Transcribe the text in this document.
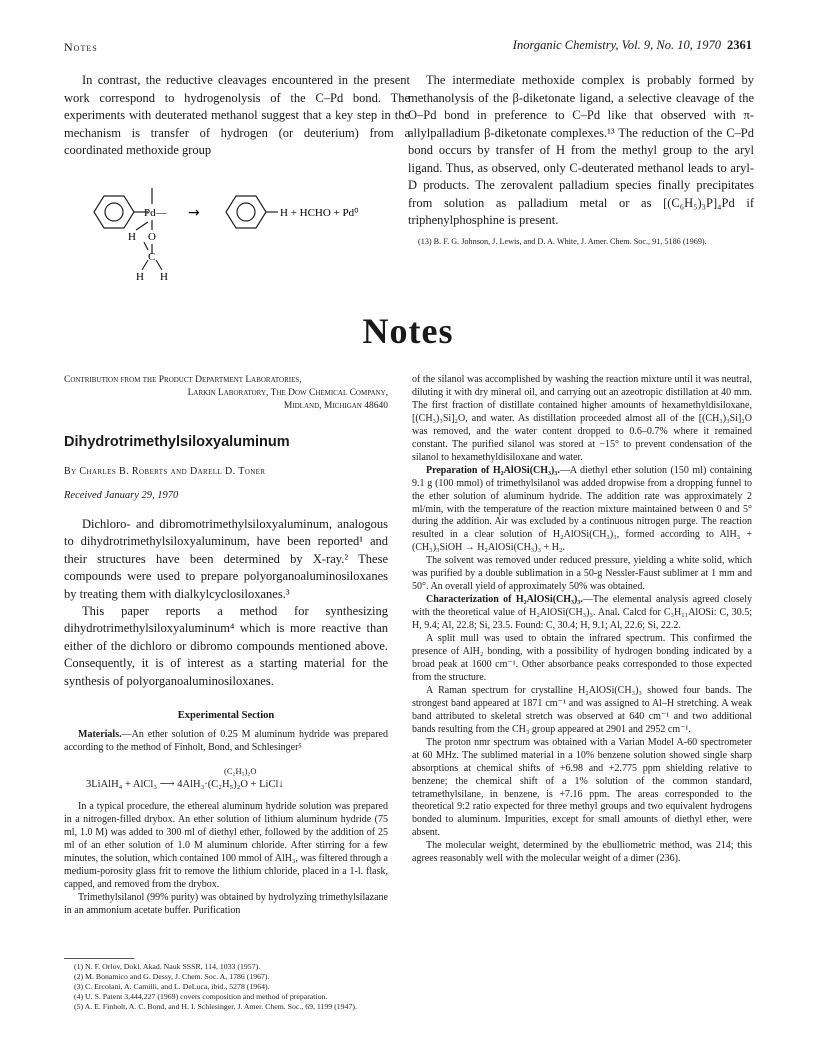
Notes	Inorganic Chemistry, Vol. 9, No. 10, 1970 2361

In contrast, the reductive cleavages encountered in the present work correspond to hydrogenolysis of the C–Pd bond. The experiments with deuterated methanol suggest that a key step in the mechanism is transfer of hydrogen (or deuterium) from a coordinated methoxide group

Pd—
H O
C
H H
→	H + HCHO + Pd⁰

The intermediate methoxide complex is probably formed by methanolysis of the β-diketonate ligand, a selective cleavage of the O–Pd bond in preference to C–Pd like that observed with π-allylpalladium β-diketonate complexes.¹³ The reduction of the C–Pd bond occurs by transfer of H from the methyl group to the aryl ligand. Thus, as observed, only C-deuterated methanol leads to aryl-D products. The zerovalent palladium species finally precipitates from solution as palladium metal or as [(C₆H₅)₃P]₄Pd if triphenylphosphine is present.

(13) B. F. G. Johnson, J. Lewis, and D. A. White, J. Amer. Chem. Soc., 91, 5186 (1969).
Notes
Contribution from the Product Department Laboratories,
Larkin Laboratory, The Dow Chemical Company,
Midland, Michigan 48640
Dihydrotrimethylsiloxyaluminum
By Charles B. Roberts and Darell D. Toner
Received January 29, 1970

Dichloro- and dibromotrimethylsiloxyaluminum, analogous to dihydrotrimethylsiloxyaluminum, have been reported¹ and their structures have been determined by X-ray.² These compounds were used to prepare polyorganoaluminosiloxanes by treating them with dialkylcyclosiloxanes.³

This paper reports a method for synthesizing dihydrotrimethylsiloxyaluminum⁴ which is more reactive than either of the dichloro or dibromo compounds mentioned above. Consequently, it is of interest as a starting material for the synthesis of polyorganoaluminosiloxanes.

Experimental Section

Materials.—An ether solution of 0.25 M aluminum hydride was prepared according to the method of Finholt, Bond, and Schlesinger⁵

(C₂H₅)₂O
3LiAlH₄ + AlCl₃ ⟶ 4AlH₃·(C₂H₅)₂O + LiCl↓

In a typical procedure, the ethereal aluminum hydride solution was prepared in a nitrogen-filled drybox. An ether solution of lithium aluminum hydride (75 ml, 1.0 M) was added to 300 ml of diethyl ether, followed by the addition of 25 ml of an ether solution of 1.0 M aluminum chloride. After stirring for a few minutes, the solution, which contained 100 mmol of AlH₃, was filtered through a medium-porosity glass frit to remove the lithium chloride, placed in a 1-l. flask, capped, and removed from the drybox.

Trimethylsilanol (99% purity) was obtained by hydrolyzing trimethylsilazane in an ammonium acetate buffer. Purification

(1) N. F. Orlov, Dokl. Akad. Nauk SSSR, 114, 1033 (1957).
(2) M. Bonamico and G. Dessy, J. Chem. Soc. A, 1786 (1967).
(3) C. Ercolani, A. Camilli, and L. DeLuca, ibid., 5278 (1964).
(4) U. S. Patent 3,444,227 (1969) covers composition and method of preparation.
(5) A. E. Finholt, A. C. Bond, and H. I. Schlesinger, J. Amer. Chem. Soc., 69, 1199 (1947).

of the silanol was accomplished by washing the reaction mixture until it was neutral, diluting it with dry mineral oil, and carrying out an azeotropic distillation at 40 mm. The first fraction of distillate contained higher amounts of hexamethyldisiloxane, [(CH₃)₃Si]₂O, and water. As distillation proceeded almost all of the [(CH₃)₃Si]₂O was removed, and the water content dropped to 0.6–0.7% where it remained constant. The purified silanol was stored at −15° to prevent condensation of the silanol to hexamethyldisiloxane and water.

Preparation of H₂AlOSi(CH₃)₃.—A diethyl ether solution (150 ml) containing 9.1 g (100 mmol) of trimethylsilanol was added dropwise from a dropping funnel to the ether solution of aluminum hydride. The addition rate was approximately 2 ml/min, with the temperature of the reaction mixture maintained between 0 and 5° during the addition. Air was excluded by a continuous nitrogen purge. The reaction resulted in a clear solution of H₂AlOSi(CH₃)₃, formed according to AlH₃ + (CH₃)₃SiOH → H₂AlOSi(CH₃)₃ + H₂.

The solvent was removed under reduced pressure, yielding a white solid, which was purified by a double sublimation in a 50-g Nessler-Faust sublimer at 1 mm and 50°. An overall yield of approximately 50% was obtained.

Characterization of H₂AlOSi(CH₃)₃.—The elemental analysis agreed closely with the theoretical value of H₂AlOSi(CH₃)₃. Anal. Calcd for C₃H₁₁AlOSi: C, 30.5; H, 9.4; Al, 22.8; Si, 23.5. Found: C, 30.4; H, 9.1; Al, 22.6; Si, 22.2.

A split mull was used to obtain the infrared spectrum. This confirmed the presence of AlH₂ bonding, with a possibility of hydrogen bonding indicated by a broad peak at 1600 cm⁻¹. Other absorbance peaks corresponded to those expected from the structure.

A Raman spectrum for crystalline H₂AlOSi(CH₃)₃ showed four bands. The strongest band appeared at 1871 cm⁻¹ and was assigned to Al–H stretching. A weak band attributed to skeletal stretch was observed at 640 cm⁻¹ and two additional bands resulting from the CH₃ group appeared at 2901 and 2952 cm⁻¹.

The proton nmr spectrum was obtained with a Varian Model A-60 spectrometer at 60 MHz. The sublimed material in a 10% benzene solution showed single sharp absorptions at chemical shifts of +6.98 and +2.775 ppm shielding relative to benzene; the chemical shift of a 1% solution of the common standard, tetramethylsilane, in benzene, is +7.16 ppm. The areas corresponded to the theoretical 9:2 ratio expected for three methyl groups and two equivalent hydrogens bonded to aluminum. Impurities, except for small amounts of diethyl ether, were absent.

The molecular weight, determined by the ebulliometric method, was 214; this agrees reasonably well with the molecular weight of a dimer (236).
